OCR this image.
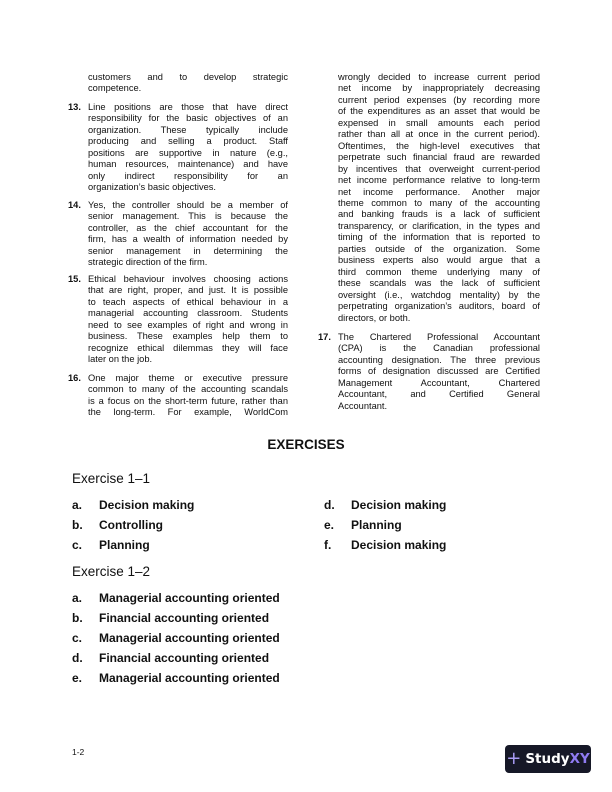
customers and to develop strategic
competence.
13. Line positions are those that have direct
responsibility for the basic objectives of an
organization. These typically include
producing and selling a product. Staff
positions are supportive in nature (e.g.,
human resources, maintenance) and have
only indirect responsibility for an
organization’s basic objectives.
14. Yes, the controller should be a member of
senior management. This is because the
controller, as the chief accountant for the
firm, has a wealth of information needed by
senior management in determining the
strategic direction of the firm.
15. Ethical behaviour involves choosing actions
that are right, proper, and just. It is possible
to teach aspects of ethical behaviour in a
managerial accounting classroom. Students
need to see examples of right and wrong in
business. These examples help them to
recognize ethical dilemmas they will face
later on the job.
16. One major theme or executive pressure
common to many of the accounting scandals
is a focus on the short-term future, rather than
the long-term. For example, WorldCom
wrongly decided to increase current period
net income by inappropriately decreasing
current period expenses (by recording more
of the expenditures as an asset that would be
expensed in small amounts each period
rather than all at once in the current period).
Oftentimes, the high-level executives that
perpetrate such financial fraud are rewarded
by incentives that overweight current-period
net income performance relative to long-term
net income performance. Another major
theme common to many of the accounting
and banking frauds is a lack of sufficient
transparency, or clarification, in the types and
timing of the information that is reported to
parties outside of the organization. Some
business experts also would argue that a
third common theme underlying many of
these scandals was the lack of sufficient
oversight (i.e., watchdog mentality) by the
perpetrating organization’s auditors, board of
directors, or both.
17. The Chartered Professional Accountant
(CPA) is the Canadian professional
accounting designation. The three previous
forms of designation discussed are Certified
Management Accountant, Chartered
Accountant, and Certified General
Accountant.
EXERCISES
Exercise 1–1
a. Decision making
b. Controlling
c. Planning
d. Decision making
e. Planning
f. Decision making
Exercise 1–2
a. Managerial accounting oriented
b. Financial accounting oriented
c. Managerial accounting oriented
d. Financial accounting oriented
e. Managerial accounting oriented
1-2	+ StudyXY
